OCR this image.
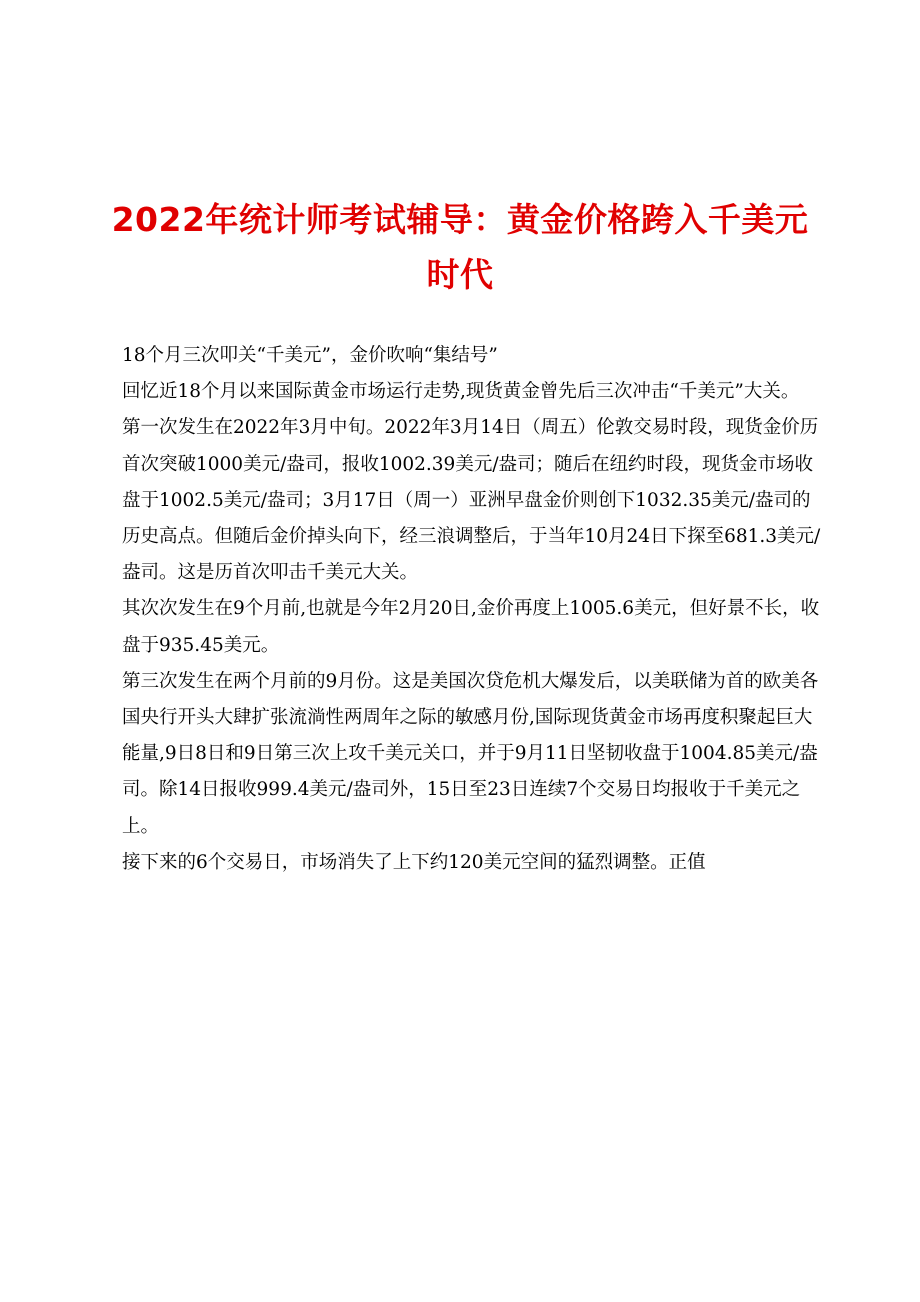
2022年统计师考试辅导：黄金价格跨入千美元时代

18个月三次叩关“千美元”，金价吹响“集结号”

回忆近18个月以来国际黄金市场运行走势,现货黄金曾先后三次冲击“千美元”大关。

第一次发生在2022年3月中旬。2022年3月14日（周五）伦敦交易时段，现货金价历首次突破1000美元/盎司，报收1002.39美元/盎司；随后在纽约时段，现货金市场收盘于1002.5美元/盎司；3月17日（周一）亚洲早盘金价则创下1032.35美元/盎司的历史高点。但随后金价掉头向下，经三浪调整后，于当年10月24日下探至681.3美元/盎司。这是历首次叩击千美元大关。

其次次发生在9个月前,也就是今年2月20日,金价再度上1005.6美元，但好景不长，收盘于935.45美元。

第三次发生在两个月前的9月份。这是美国次贷危机大爆发后，以美联储为首的欧美各国央行开头大肆扩张流淌性两周年之际的敏感月份,国际现货黄金市场再度积聚起巨大能量,9日8日和9日第三次上攻千美元关口，并于9月11日坚韧收盘于1004.85美元/盎司。除14日报收999.4美元/盎司外，15日至23日连续7个交易日均报收于千美元之上。

接下来的6个交易日，市场消失了上下约120美元空间的猛烈调整。正值
